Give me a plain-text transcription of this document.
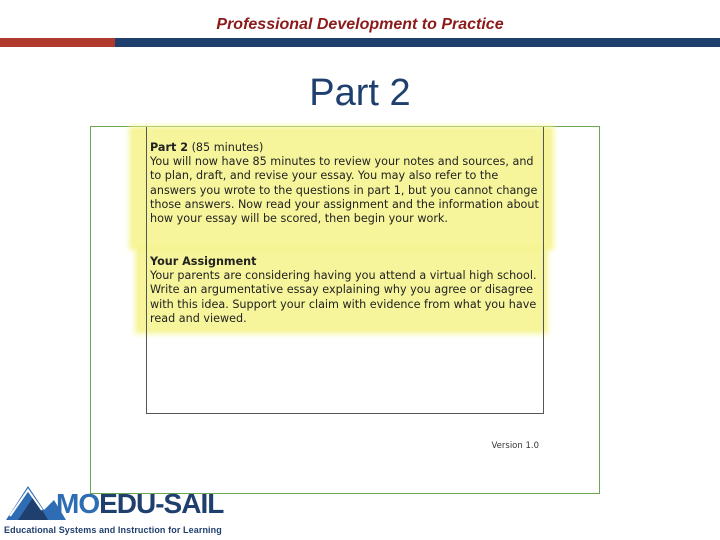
Professional Development to Practice
Part 2
Part 2 (85 minutes)
You will now have 85 minutes to review your notes and sources, and to plan, draft, and revise your essay. You may also refer to the answers you wrote to the questions in part 1, but you cannot change those answers. Now read your assignment and the information about how your essay will be scored, then begin your work.
Your Assignment
Your parents are considering having you attend a virtual high school. Write an argumentative essay explaining why you agree or disagree with this idea. Support your claim with evidence from what you have read and viewed.
Version 1.0
MOEDU-SAIL
Educational Systems and Instruction for Learning
